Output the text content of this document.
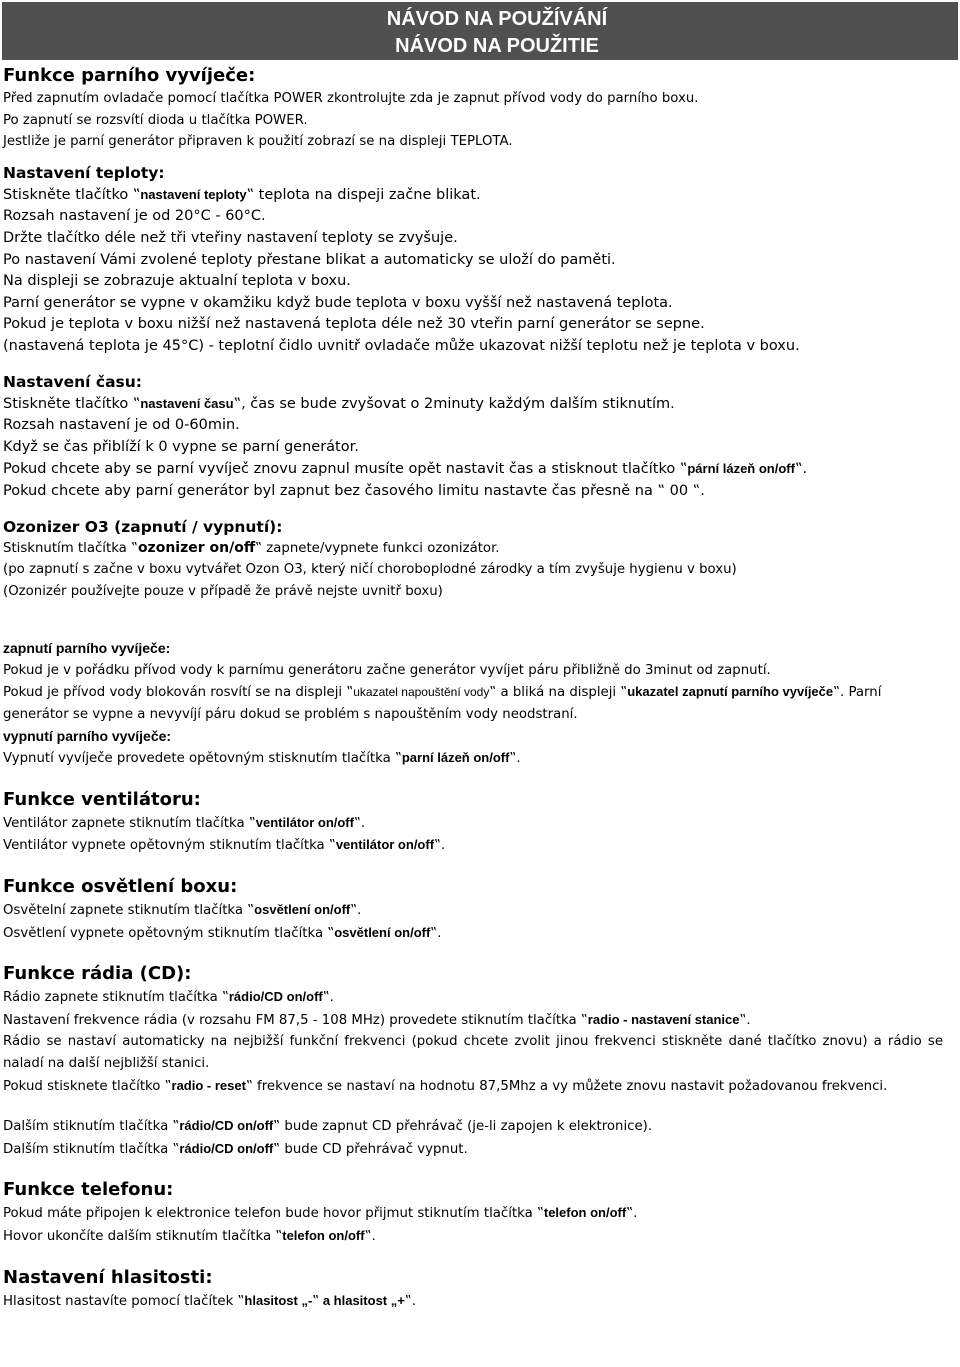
NÁVOD NA POUŽÍVÁNÍ
NÁVOD NA POUŽITIE
Funkce parního vyvíječe:
Před zapnutím ovladače pomocí tlačítka POWER zkontrolujte zda je zapnut přívod vody do parního boxu.
Po zapnutí se rozsvítí dioda u tlačítka POWER.
Jestliže je parní generátor připraven k použití zobrazí se na displeji TEPLOTA.
Nastavení teploty:
Stiskněte tlačítko ‟nastavení teploty‟ teplota na dispeji začne blikat.
Rozsah nastavení je od 20°C - 60°C.
Držte tlačítko déle než tři vteřiny nastavení teploty se zvyšuje.
Po nastavení Vámi zvolené teploty přestane blikat a automaticky se uloží do paměti.
Na displeji se zobrazuje aktualní teplota v boxu.
Parní generátor se vypne v okamžiku když bude teplota v boxu vyšší než nastavená teplota.
Pokud je teplota v boxu nižší než nastavená teplota déle než 30 vteřin parní generátor se sepne.
(nastavená teplota je 45°C) - teplotní čidlo uvnitř ovladače může ukazovat nižší teplotu než je teplota v boxu.
Nastavení času:
Stiskněte tlačítko ‟nastavení času‟, čas se bude zvyšovat o 2minuty každým dalším stiknutím.
Rozsah nastavení je od 0-60min.
Když se čas přiblíží k 0 vypne se parní generátor.
Pokud chcete aby se parní vyvíječ znovu zapnul musíte opět nastavit čas a stisknout tlačítko ‟pární lázeň on/off‟.
Pokud chcete aby parní generátor byl zapnut bez časového limitu nastavte čas přesně na ‟ 00 ‟.
Ozonizer O3 (zapnutí / vypnutí):
Stisknutím tlačítka ‟ozonizer on/off‟ zapnete/vypnete funkci ozonizátor.
(po zapnutí s začne v boxu vytvářet Ozon O3, který ničí choroboplodné zárodky a tím zvyšuje hygienu v boxu)
(Ozonizér používejte pouze v případě že právě nejste uvnitř boxu)
zapnutí parního vyvíječe:
Pokud je v pořádku přívod vody k parnímu generátoru začne generátor vyvíjet páru přibližně do 3minut od zapnutí.
Pokud je přívod vody blokován rosvítí se na displeji ‟ukazatel napouštění vody‟ a bliká na displeji ‟ukazatel zapnutí parního vyvíječe‟. Parní generátor se vypne a nevyvíjí páru dokud se problém s napouštěním vody neodstraní.
vypnutí parního vyvíječe:
Vypnutí vyvíječe provedete opětovným stisknutím tlačítka ‟parní lázeň on/off‟.
Funkce ventilátoru:
Ventilátor zapnete stiknutím tlačítka ‟ventilátor on/off‟.
Ventilátor vypnete opětovným stiknutím tlačítka ‟ventilátor on/off‟.
Funkce osvětlení boxu:
Osvětelní zapnete stiknutím tlačítka ‟osvětlení on/off‟.
Osvětlení vypnete opětovným stiknutím tlačítka ‟osvětlení on/off‟.
Funkce rádia (CD):
Rádio zapnete stiknutím tlačítka ‟rádio/CD on/off‟.
Nastavení frekvence rádia (v rozsahu FM 87,5 - 108 MHz) provedete stiknutím tlačítka ‟radio - nastavení stanice‟.
Rádio se nastaví automaticky na nejbižší funkční frekvenci (pokud chcete zvolit jinou frekvenci stiskněte dané tlačítko znovu) a rádio se naladí na další nejbližší stanici.
Pokud stisknete tlačítko ‟radio - reset‟ frekvence se nastaví na hodnotu 87,5Mhz a vy můžete znovu nastavit požadovanou frekvenci.
Dalším stiknutím tlačítka ‟rádio/CD on/off‟ bude zapnut CD přehrávač (je-li zapojen k elektronice).
Dalším stiknutím tlačítka ‟rádio/CD on/off‟ bude CD přehrávač vypnut.
Funkce telefonu:
Pokud máte připojen k elektronice telefon bude hovor přijmut stiknutím tlačítka ‟telefon on/off‟.
Hovor ukončíte dalším stiknutím tlačítka ‟telefon on/off‟.
Nastavení hlasitosti:
Hlasitost nastavíte pomocí tlačítek ‟hlasitost „-‟ a hlasitost „+‟.
